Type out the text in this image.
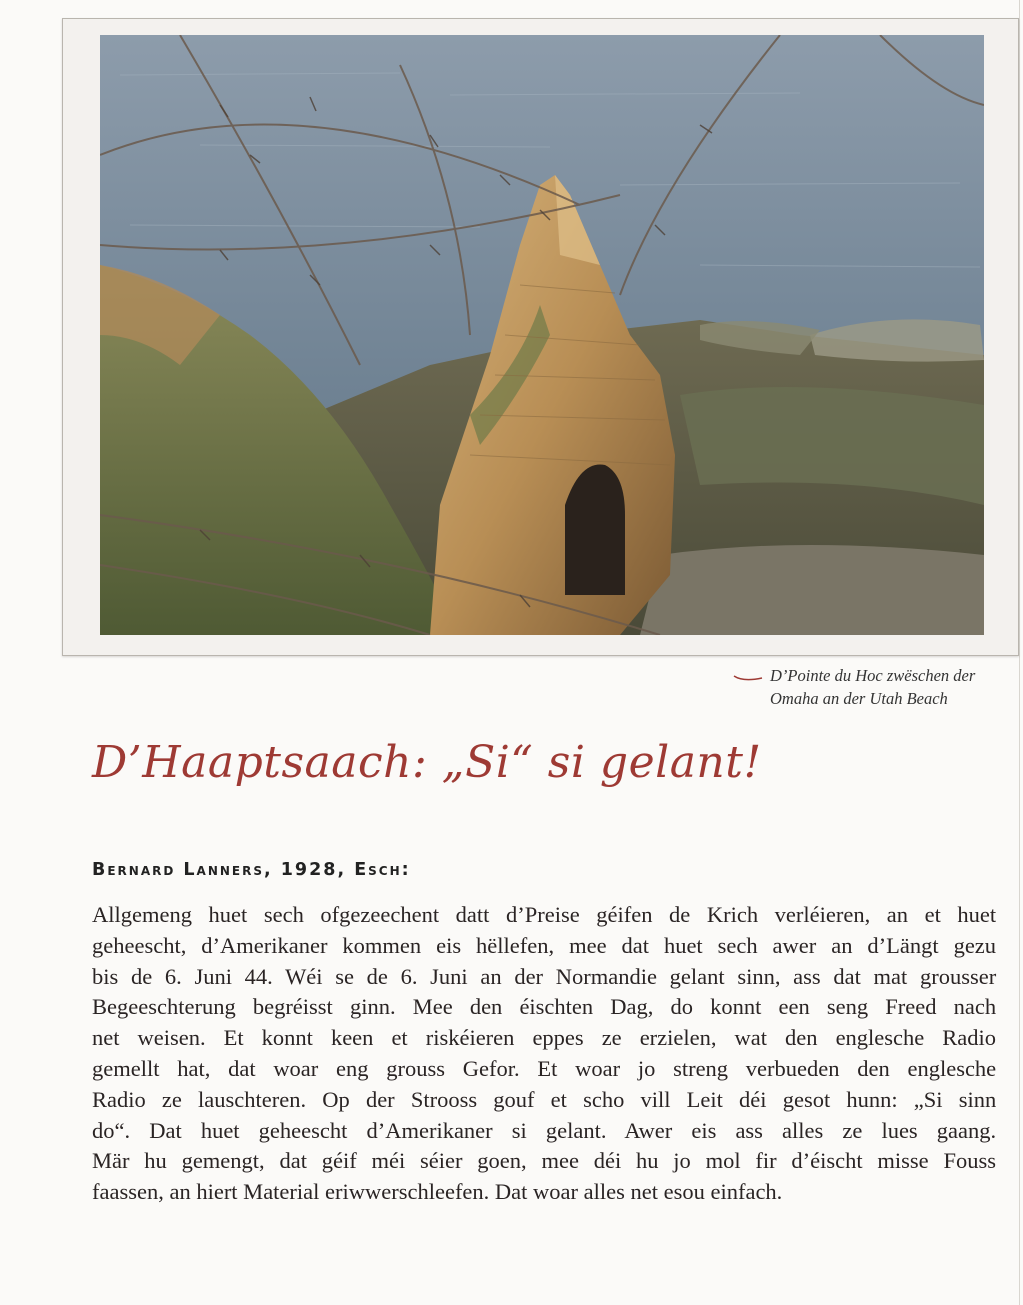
D’Pointe du Hoc zwëschen der
Omaha an der Utah Beach
D’Haaptsaach: „Si“ si gelant!
Bernard Lanners, 1928, Esch:
Allgemeng huet sech ofgezeechent datt d’Preise géifen de Krich verléieren, an et huet
geheescht, d’Amerikaner kommen eis hëllefen, mee dat huet sech awer an d’Längt gezu
bis de 6. Juni 44. Wéi se de 6. Juni an der Normandie gelant sinn, ass dat mat grousser
Begeeschterung begréisst ginn. Mee den éischten Dag, do konnt een seng Freed nach
net weisen. Et konnt keen et riskéieren eppes ze erzielen, wat den englesche Radio
gemellt hat, dat woar eng grouss Gefor. Et woar jo streng verbueden den englesche
Radio ze lauschteren. Op der Strooss gouf et scho vill Leit déi gesot hunn: „Si sinn
do“. Dat huet geheescht d’Amerikaner si gelant. Awer eis ass alles ze lues gaang.
Mär hu gemengt, dat géif méi séier goen, mee déi hu jo mol fir d’éischt misse Fouss
faassen, an hiert Material eriwwerschleefen. Dat woar alles net esou einfach.
